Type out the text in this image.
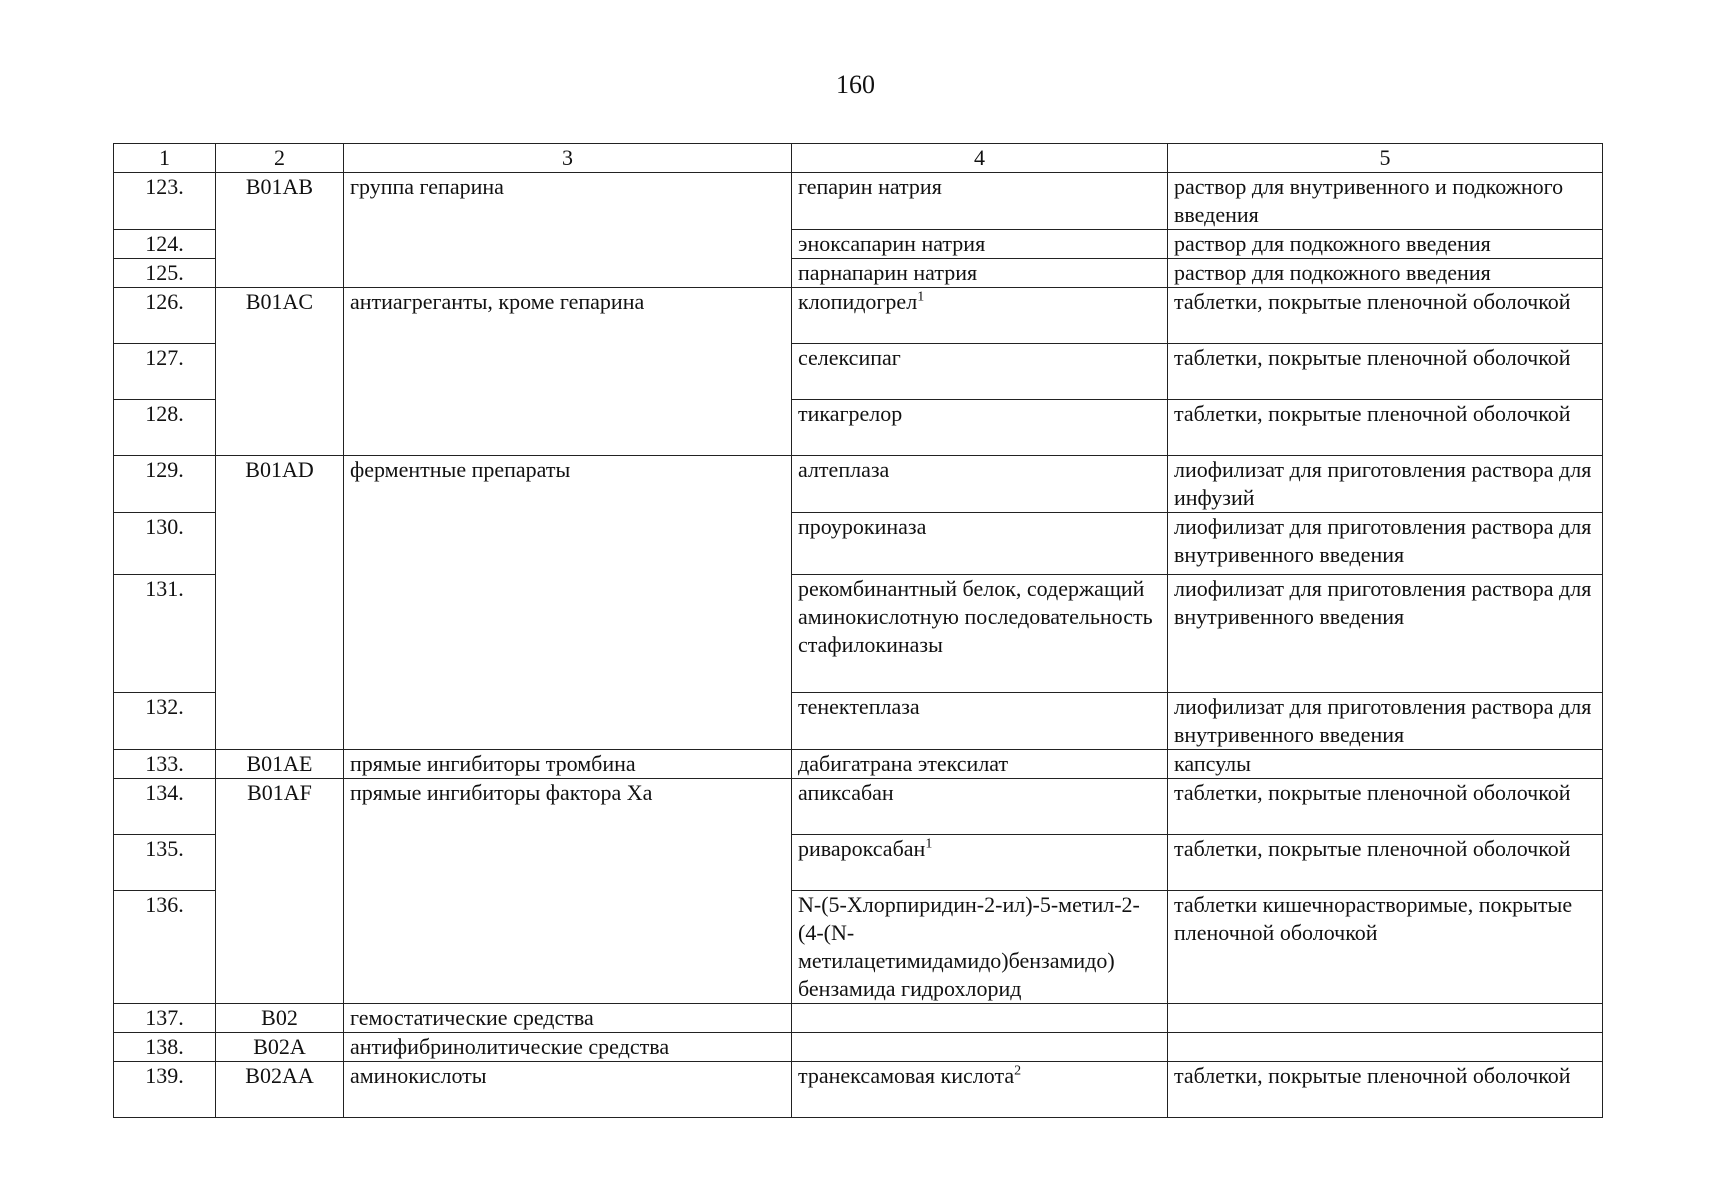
160
1	2	3	4	5
123.	B01AB	группа гепарина	гепарин натрия	раствор для внутривенного и подкожного введения
124.			эноксапарин натрия	раствор для подкожного введения
125.			парнапарин натрия	раствор для подкожного введения
126.	B01AC	антиагреганты, кроме гепарина	клопидогрел$^1$	таблетки, покрытые пленочной оболочкой
127.			селексипаг	таблетки, покрытые пленочной оболочкой
128.			тикагрелор	таблетки, покрытые пленочной оболочкой
129.	B01AD	ферментные препараты	алтеплаза	лиофилизат для приготовления раствора для инфузий
130.			проурокиназа	лиофилизат для приготовления раствора для внутривенного введения
131.			рекомбинантный белок, содержащий аминокислотную последовательность стафилокиназы	лиофилизат для приготовления раствора для внутривенного введения
132.			тенектеплаза	лиофилизат для приготовления раствора для внутривенного введения
133.	B01AE	прямые ингибиторы тромбина	дабигатрана этексилат	капсулы
134.	B01AF	прямые ингибиторы фактора Xa	апиксабан	таблетки, покрытые пленочной оболочкой
135.			ривароксабан$^1$	таблетки, покрытые пленочной оболочкой
136.			N-(5-Хлорпиридин-2-ил)-5-метил-2-(4-(N-метилацетимидамидо)бензамидо) бензамида гидрохлорид	таблетки кишечнорастворимые, покрытые пленочной оболочкой
137.	B02	гемостатические средства		
138.	B02A	антифибринолитические средства		
139.	B02AA	аминокислоты	транексамовая кислота$^2$	таблетки, покрытые пленочной оболочкой
